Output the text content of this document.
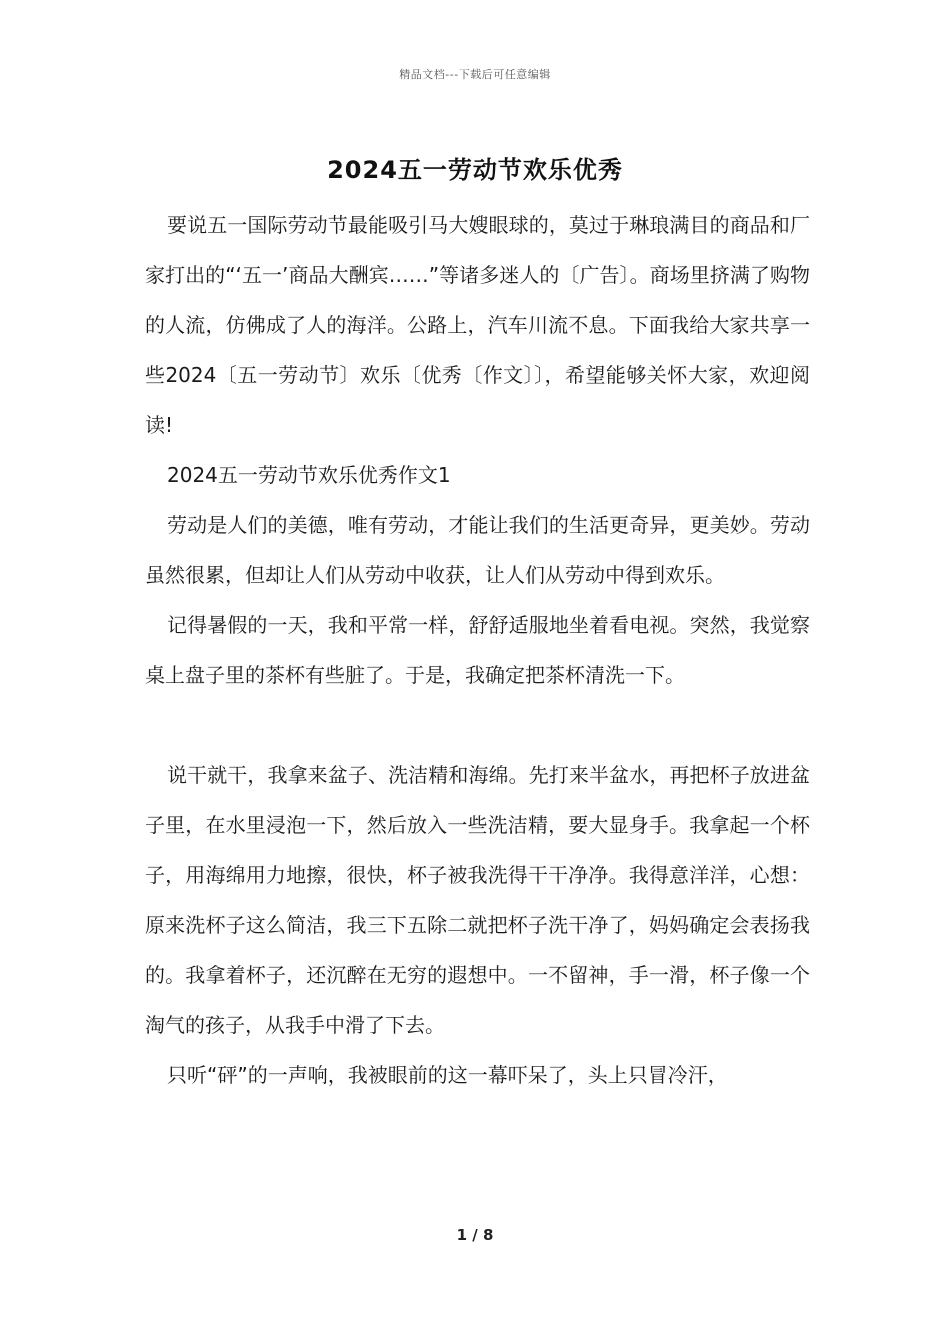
精品文档---下载后可任意编辑
2024五一劳动节欢乐优秀

要说五一国际劳动节最能吸引马大嫂眼球的，莫过于琳琅满目的商品和厂家打出的“‘五一’商品大酬宾……”等诸多迷人的〔广告〕。商场里挤满了购物的人流，仿佛成了人的海洋。公路上，汽车川流不息。下面我给大家共享一些2024〔五一劳动节〕欢乐〔优秀〔作文〕〕，希望能够关怀大家，欢迎阅读!

2024五一劳动节欢乐优秀作文1

劳动是人们的美德，唯有劳动，才能让我们的生活更奇异，更美妙。劳动虽然很累，但却让人们从劳动中收获，让人们从劳动中得到欢乐。

记得暑假的一天，我和平常一样，舒舒适服地坐着看电视。突然，我觉察桌上盘子里的茶杯有些脏了。于是，我确定把茶杯清洗一下。

说干就干，我拿来盆子、洗洁精和海绵。先打来半盆水，再把杯子放进盆子里，在水里浸泡一下，然后放入一些洗洁精，要大显身手。我拿起一个杯子，用海绵用力地擦，很快，杯子被我洗得干干净净。我得意洋洋，心想：原来洗杯子这么简洁，我三下五除二就把杯子洗干净了，妈妈确定会表扬我的。我拿着杯子，还沉醉在无穷的遐想中。一不留神，手一滑，杯子像一个淘气的孩子，从我手中滑了下去。

只听“砰”的一声响，我被眼前的这一幕吓呆了，头上只冒冷汗，

1 / 8
